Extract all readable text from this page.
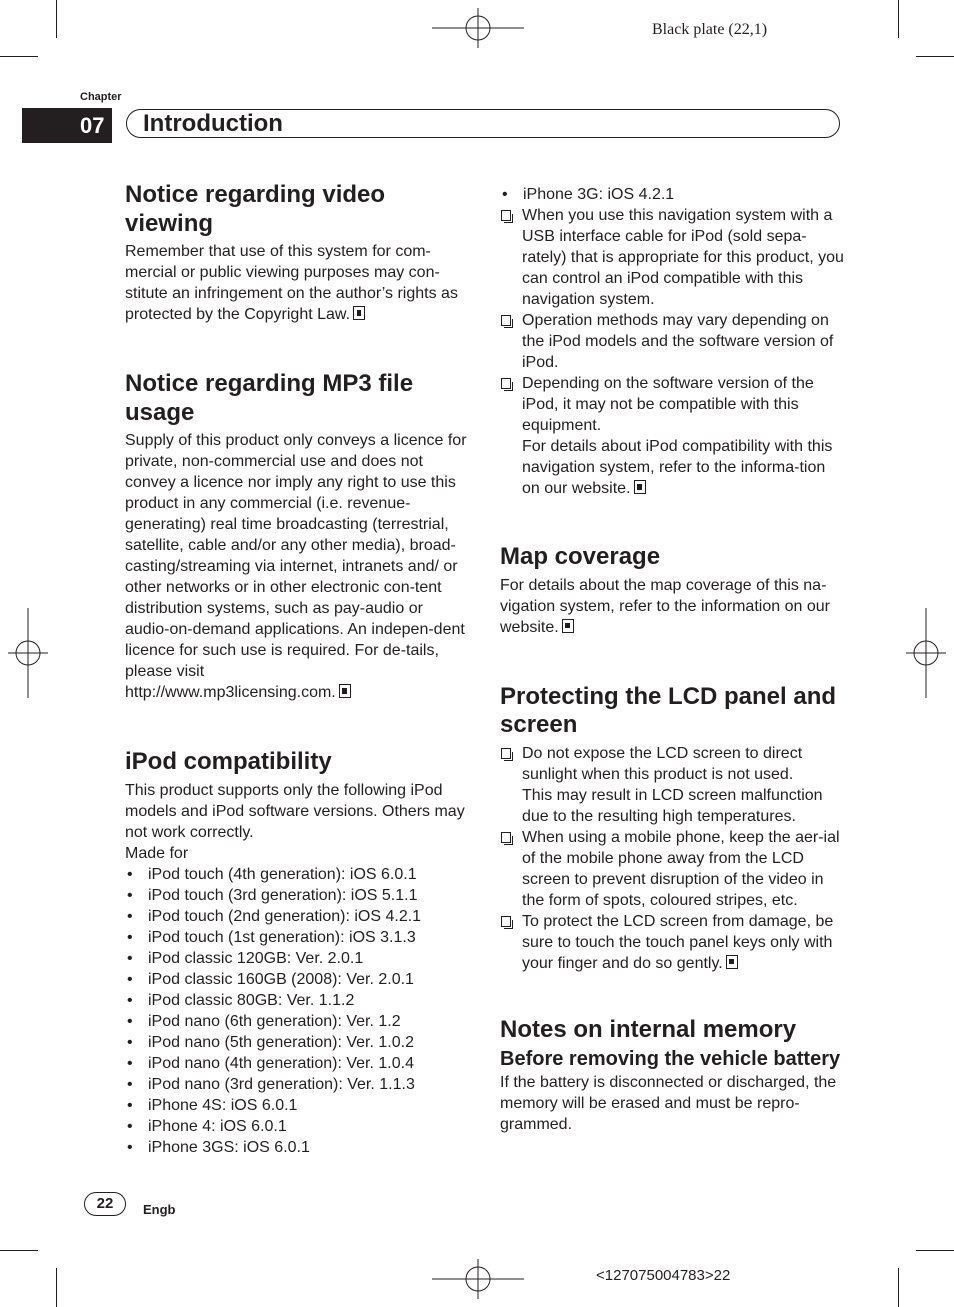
Black plate (22,1)
Chapter
07	Introduction
Notice regarding video viewing

Remember that use of this system for com-mercial or public viewing purposes may con-stitute an infringement on the author’s rights as protected by the Copyright Law.

Notice regarding MP3 file usage

Supply of this product only conveys a licence for private, non-commercial use and does not convey a licence nor imply any right to use this product in any commercial (i.e. revenue-generating) real time broadcasting (terrestrial, satellite, cable and/or any other media), broad-casting/streaming via internet, intranets and/ or other networks or in other electronic con-tent distribution systems, such as pay-audio or audio-on-demand applications. An indepen-dent licence for such use is required. For de-tails, please visit
http://www.mp3licensing.com.

iPod compatibility

This product supports only the following iPod models and iPod software versions. Others may not work correctly.

Made for

• iPod touch (4th generation): iOS 6.0.1
• iPod touch (3rd generation): iOS 5.1.1
• iPod touch (2nd generation): iOS 4.2.1
• iPod touch (1st generation): iOS 3.1.3
• iPod classic 120GB: Ver. 2.0.1
• iPod classic 160GB (2008): Ver. 2.0.1
• iPod classic 80GB: Ver. 1.1.2
• iPod nano (6th generation): Ver. 1.2
• iPod nano (5th generation): Ver. 1.0.2
• iPod nano (4th generation): Ver. 1.0.4
• iPod nano (3rd generation): Ver. 1.1.3
• iPhone 4S: iOS 6.0.1
• iPhone 4: iOS 6.0.1
• iPhone 3GS: iOS 6.0.1
• iPhone 3G: iOS 4.2.1
When you use this navigation system with a USB interface cable for iPod (sold sepa-rately) that is appropriate for this product, you can control an iPod compatible with this navigation system.
Operation methods may vary depending on the iPod models and the software version of iPod.
Depending on the software version of the iPod, it may not be compatible with this equipment.
For details about iPod compatibility with this navigation system, refer to the informa-tion on our website.
Map coverage

For details about the map coverage of this na-vigation system, refer to the information on our website.

Protecting the LCD panel and screen
Do not expose the LCD screen to direct sunlight when this product is not used.
This may result in LCD screen malfunction due to the resulting high temperatures.
When using a mobile phone, keep the aer-ial of the mobile phone away from the LCD screen to prevent disruption of the video in the form of spots, coloured stripes, etc.
To protect the LCD screen from damage, be sure to touch the touch panel keys only with your finger and do so gently.
Notes on internal memory
Before removing the vehicle battery

If the battery is disconnected or discharged, the memory will be erased and must be repro-grammed.

22	Engb
<127075004783>22
